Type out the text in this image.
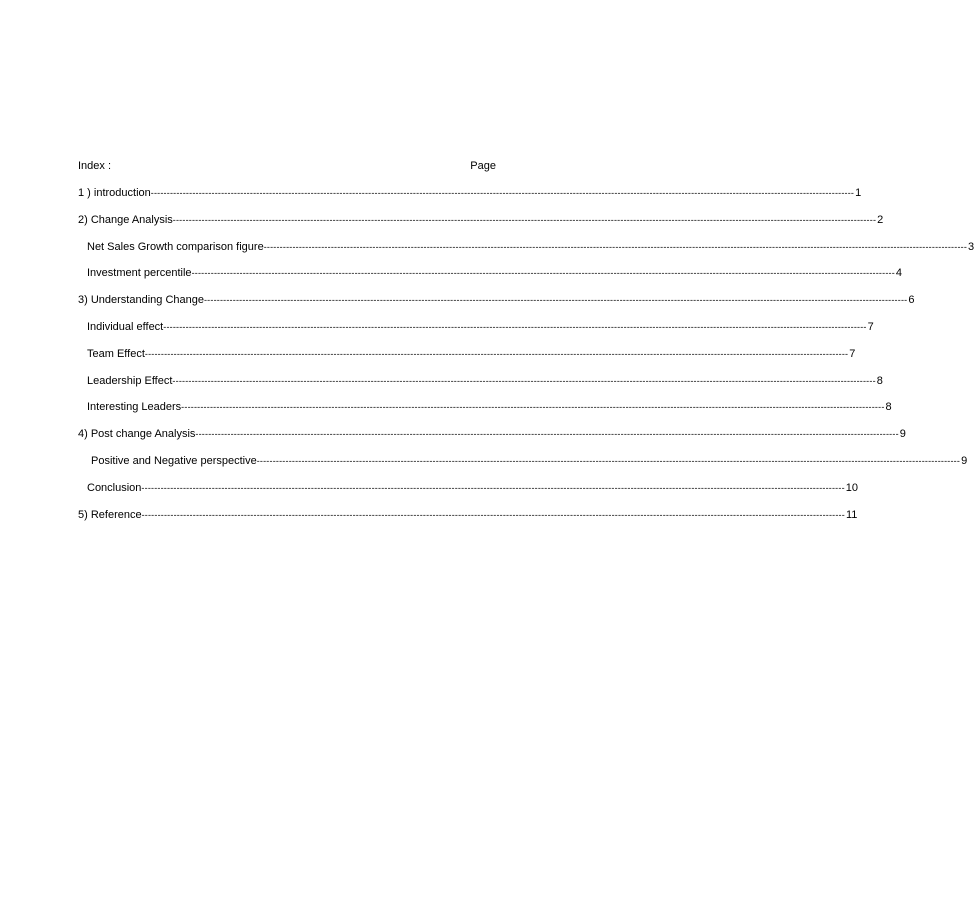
Index :	Page
1 ) introduction ---------------------------------------------------------------------------------------------------------------------------------------------------------------------------------------------------------------------------- 1
2) Change Analysis ---------------------------------------------------------------------------------------------------------------------------------------------------------------------------------------------------------------------------- 2
Net Sales Growth comparison figure ---------------------------------------------------------------------------------------------------------------------------------------------------------------------------------------------------------------------------- 3
Investment percentile ---------------------------------------------------------------------------------------------------------------------------------------------------------------------------------------------------------------------------- 4
3) Understanding Change ---------------------------------------------------------------------------------------------------------------------------------------------------------------------------------------------------------------------------- 6
Individual effect ---------------------------------------------------------------------------------------------------------------------------------------------------------------------------------------------------------------------------- 7
Team Effect ---------------------------------------------------------------------------------------------------------------------------------------------------------------------------------------------------------------------------- 7
Leadership Effect ---------------------------------------------------------------------------------------------------------------------------------------------------------------------------------------------------------------------------- 8
Interesting Leaders ---------------------------------------------------------------------------------------------------------------------------------------------------------------------------------------------------------------------------- 8
4) Post change Analysis ---------------------------------------------------------------------------------------------------------------------------------------------------------------------------------------------------------------------------- 9
Positive and Negative perspective ---------------------------------------------------------------------------------------------------------------------------------------------------------------------------------------------------------------------------- 9
Conclusion ---------------------------------------------------------------------------------------------------------------------------------------------------------------------------------------------------------------------------- 10
5) Reference ---------------------------------------------------------------------------------------------------------------------------------------------------------------------------------------------------------------------------- 11
